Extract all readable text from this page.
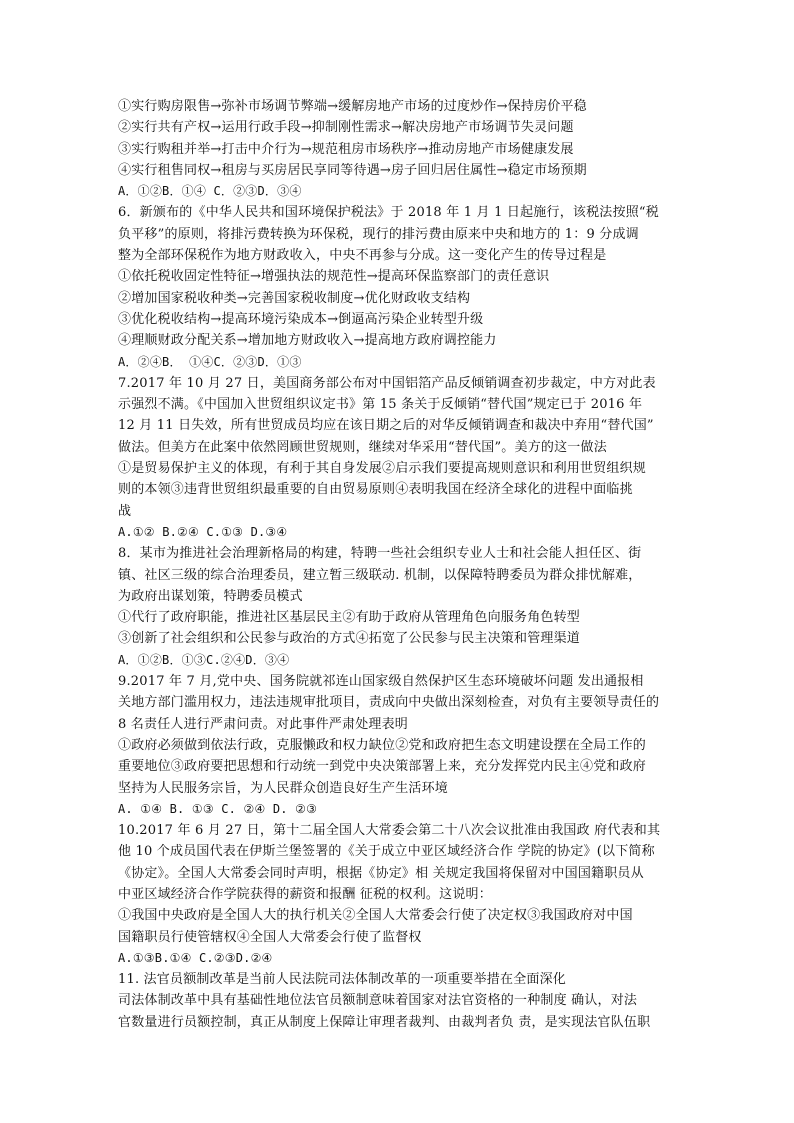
①实行购房限售→弥补市场调节弊端→缓解房地产市场的过度炒作→保持房价平稳
②实行共有产权→运用行政手段→抑制刚性需求→解决房地产市场调节失灵问题
③实行购租并举→打击中介行为→规范租房市场秩序→推动房地产市场健康发展
④实行租售同权→租房与买房居民享同等待遇→房子回归居住属性→稳定市场预期
A．①②B．①④ C．②③D．③④
6．新颁布的《中华人民共和国环境保护税法》于 2018 年 1 月 1 日起施行，该税法按照“税
负平移”的原则，将排污费转换为环保税，现行的排污费由原来中央和地方的 1：9 分成调
整为全部环保税作为地方财政收入，中央不再参与分成。这一变化产生的传导过程是
①依托税收固定性特征→增强执法的规范性→提高环保监察部门的责任意识
②增加国家税收种类→完善国家税收制度→优化财政收支结构
③优化税收结构→提高环境污染成本→倒逼高污染企业转型升级
④理顺财政分配关系→增加地方财政收入→提高地方政府调控能力
A．②④B． ①④C．②③D．①③
7.2017 年 10 月 27 日，美国商务部公布对中国铝箔产品反倾销调查初步裁定，中方对此表
示强烈不满。《中国加入世贸组织议定书》第 15 条关于反倾销“替代国”规定已于 2016 年
12 月 11 日失效，所有世贸成员均应在该日期之后的对华反倾销调查和裁决中弃用“替代国”
做法。但美方在此案中依然罔顾世贸规则，继续对华采用“替代国”。美方的这一做法
①是贸易保护主义的体现，有利于其自身发展②启示我们要提高规则意识和利用世贸组织规
则的本领③违背世贸组织最重要的自由贸易原则④表明我国在经济全球化的进程中面临挑
战
A.①② B.②④ C.①③ D.③④
8．某市为推进社会治理新格局的构建，特聘一些社会组织专业人士和社会能人担任区、街
镇、社区三级的综合治理委员，建立暂三级联动. 机制，以保障特聘委员为群众排忧解难，
为政府出谋划策，特聘委员模式
①代行了政府职能，推进社区基层民主②有助于政府从管理角色向服务角色转型
③创新了社会组织和公民参与政治的方式④拓宽了公民参与民主决策和管理渠道
A．①②B．①③C.②④D．③④
9.2017 年 7 月,党中央、国务院就祁连山国家级自然保护区生态环境破坏问题 发出通报相
关地方部门滥用权力，违法违规审批项目，责成向中央做出深刻检查，对负有主要领导责任的
8 名责任人进行严肃问责。对此事件严肃处理表明
①政府必须做到依法行政，克服懒政和权力缺位②党和政府把生态文明建设摆在全局工作的
重要地位③政府要把思想和行动统一到党中央决策部署上来，充分发挥党内民主④党和政府
坚持为人民服务宗旨，为人民群众创造良好生产生活环境
A. ①④ B. ①③ C. ②④ D. ②③
10.2017 年 6 月 27 日，第十二届全国人大常委会第二十八次会议批准由我国政 府代表和其
他 10 个成员国代表在伊斯兰堡签署的《关于成立中亚区域经济合作 学院的协定》(以下简称
《协定》。全国人大常委会同时声明，根据《协定》相 关规定我国将保留对中国国籍职员从
中亚区域经济合作学院获得的薪资和报酬 征税的权利。这说明：
①我国中央政府是全国人大的执行机关②全国人大常委会行使了决定权③我国政府对中国
国籍职员行使管辖权④全国人大常委会行使了监督权
A.①③B.①④ C.②③D.②④
11. 法官员额制改革是当前人民法院司法体制改革的一项重要举措在全面深化
司法体制改革中具有基础性地位法官员额制意味着国家对法官资格的一种制度 确认，对法
官数量进行员额控制，真正从制度上保障让审理者裁判、由裁判者负 责，是实现法官队伍职
